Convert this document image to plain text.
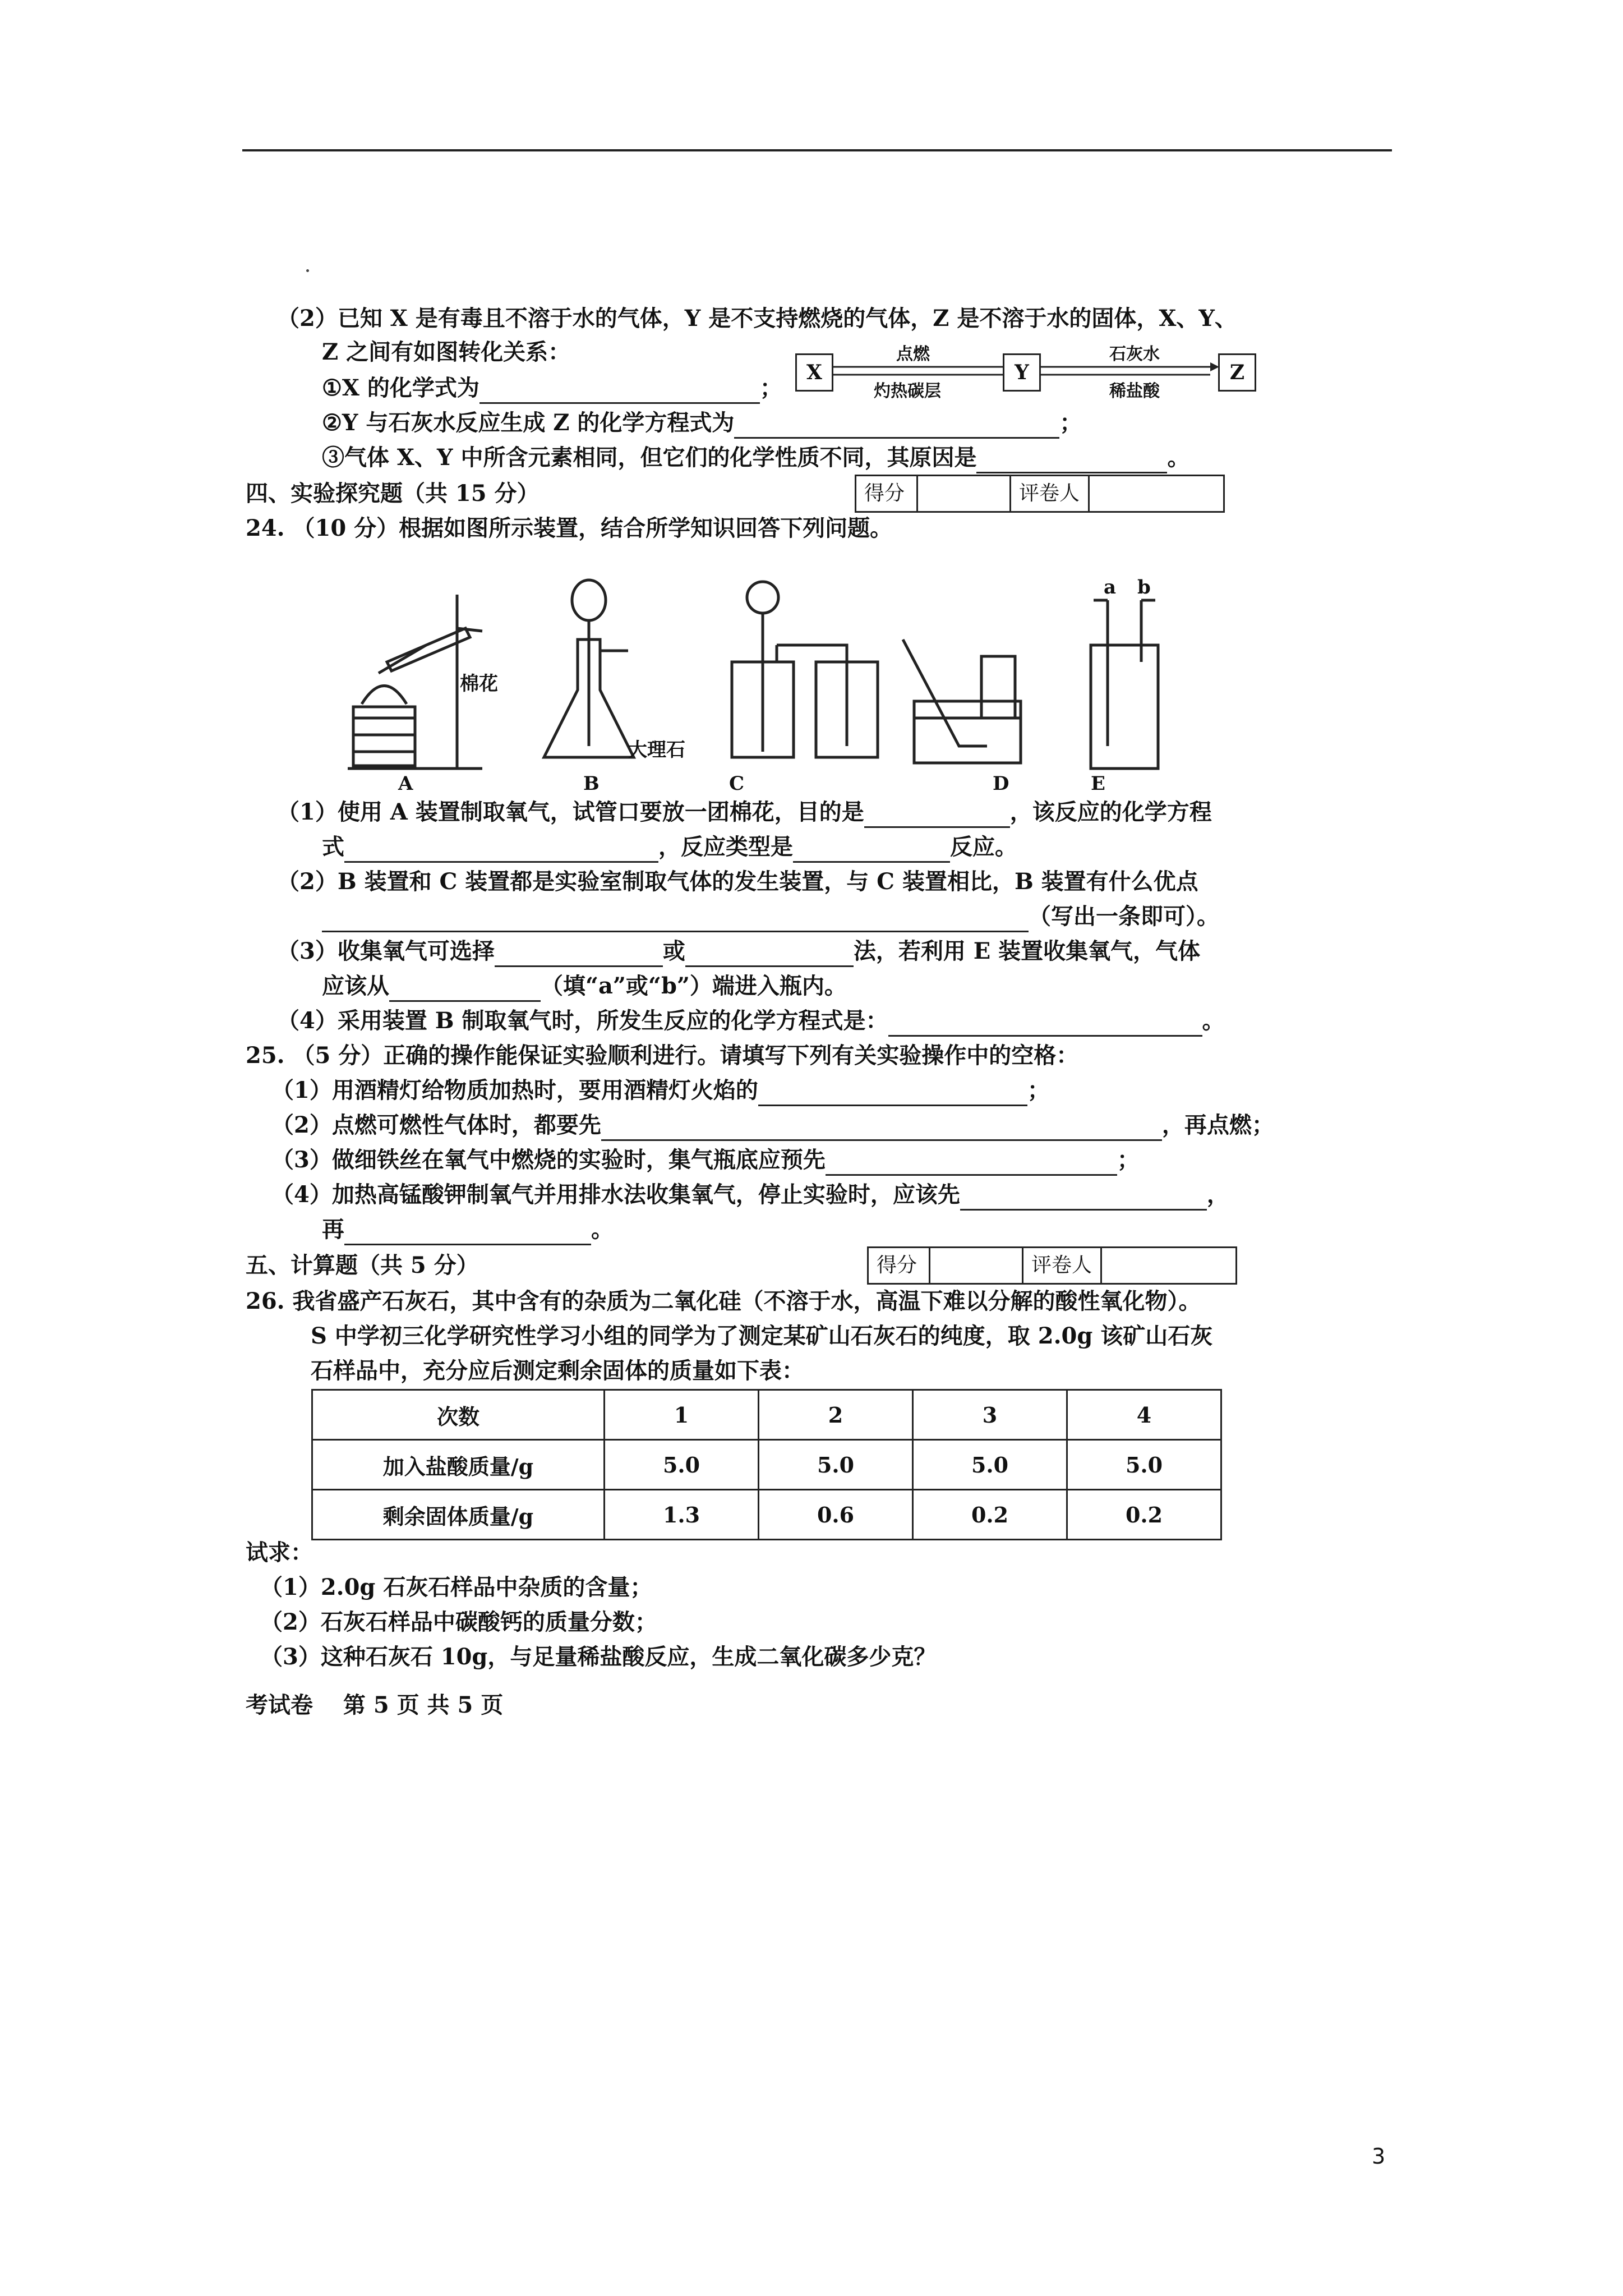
（2）已知 X 是有毒且不溶于水的气体，Y 是不支持燃烧的气体，Z 是不溶于水的固体，X、Y、
Z 之间有如图转化关系：
X	Y	Z
点燃
灼热碳层
石灰水
稀盐酸
①X 的化学式为	；
②Y 与石灰水反应生成 Z 的化学方程式为	；
③气体 X、Y 中所含元素相同，但它们的化学性质不同，其原因是	。
四、实验探究题（共 15 分）	得分	评卷人
24. （10 分）根据如图所示装置，结合所学知识回答下列问题。
棉花
大理石
A	B	C	D	E
a b
（1）使用 A 装置制取氧气，试管口要放一团棉花，目的是	，该反应的化学方程
式	，反应类型是	反应。
（2）B 装置和 C 装置都是实验室制取气体的发生装置，与 C 装置相比，B 装置有什么优点
（写出一条即可）。
（3）收集氧气可选择	或	法，若利用 E 装置收集氧气，气体
应该从	（填“a”或“b”）端进入瓶内。
（4）采用装置 B 制取氧气时，所发生反应的化学方程式是：	。
25. （5 分）正确的操作能保证实验顺利进行。请填写下列有关实验操作中的空格：
（1）用酒精灯给物质加热时，要用酒精灯火焰的	；
（2）点燃可燃性气体时，都要先	，再点燃；
（3）做细铁丝在氧气中燃烧的实验时，集气瓶底应预先	；
（4）加热高锰酸钾制氧气并用排水法收集氧气，停止实验时，应该先	，
再	。
五、计算题（共 5 分）	得分	评卷人
26. 我省盛产石灰石，其中含有的杂质为二氧化硅（不溶于水，高温下难以分解的酸性氧化物）。
S 中学初三化学研究性学习小组的同学为了测定某矿山石灰石的纯度，取 2.0g 该矿山石灰
石样品中，充分应后测定剩余固体的质量如下表：
次数	1	2	3	4
加入盐酸质量/g	5.0	5.0	5.0	5.0
剩余固体质量/g	1.3	0.6	0.2	0.2
试求：
（1）2.0g 石灰石样品中杂质的含量；
（2）石灰石样品中碳酸钙的质量分数；
（3）这种石灰石 10g，与足量稀盐酸反应，生成二氧化碳多少克？
考试卷　 第 5 页 共 5 页
3
